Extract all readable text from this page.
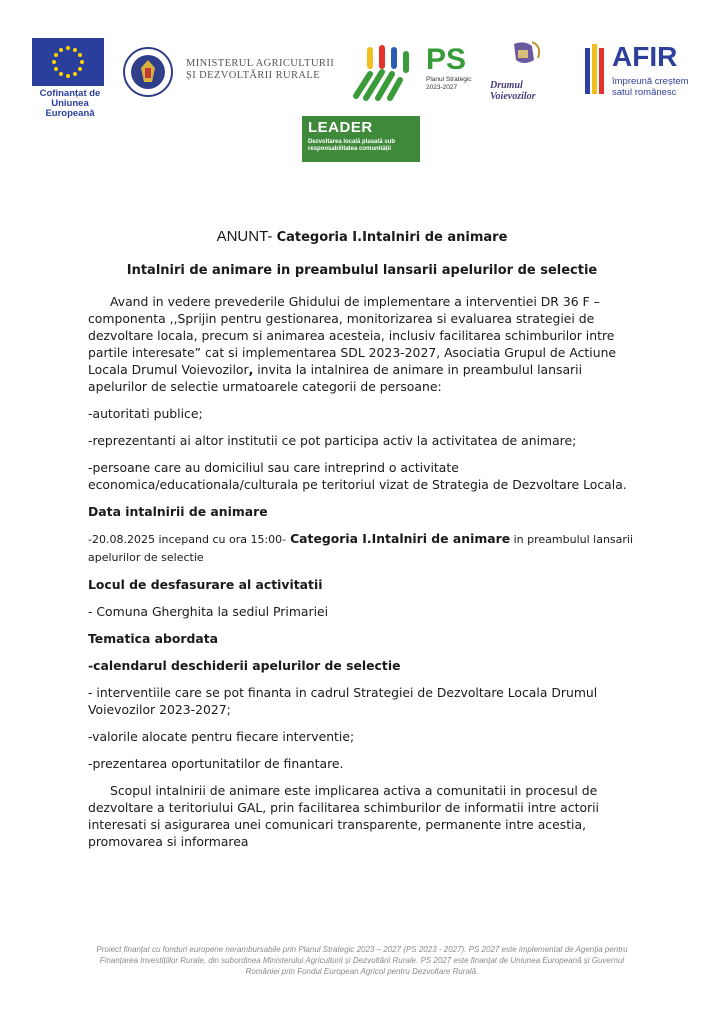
Cofinanțat de
Uniunea Europeană
MINISTERUL AGRICULTURII
ȘI DEZVOLTĂRII RURALE	PS
Planul Strategic
2023-2027	Drumul
Voievozilor
AFIR
împreună creștem
satul românesc
LEADER
Dezvoltarea locală plasată sub
responsabilitatea comunității
ANUNT- Categoria I.Intalniri de animare
Intalniri de animare in preambulul lansarii apelurilor de selectie

Avand in vedere prevederile Ghidului de implementare a interventiei DR 36 F – componenta ,,Sprijin pentru gestionarea, monitorizarea si evaluarea strategiei de dezvoltare locala, precum si animarea acesteia, inclusiv facilitarea schimburilor intre partile interesate” cat si implementarea SDL 2023-2027, Asociatia Grupul de Actiune Locala Drumul Voievozilor, invita la intalnirea de animare in preambulul lansarii apelurilor de selectie urmatoarele categorii de persoane:

-autoritati publice;

-reprezentanti ai altor institutii ce pot participa activ la activitatea de animare;

-persoane care au domiciliul sau care intreprind o activitate economica/educationala/culturala pe teritoriul vizat de Strategia de Dezvoltare Locala.

Data intalnirii de animare

-20.08.2025 incepand cu ora 15:00- Categoria I.Intalniri de animare in preambulul lansarii apelurilor de selectie

Locul de desfasurare al activitatii

- Comuna Gherghita la sediul Primariei

Tematica abordata

-calendarul deschiderii apelurilor de selectie

- interventiile care se pot finanta in cadrul Strategiei de Dezvoltare Locala Drumul Voievozilor 2023-2027;

-valorile alocate pentru fiecare interventie;

-prezentarea oportunitatilor de finantare.

Scopul intalnirii de animare este implicarea activa a comunitatii in procesul de dezvoltare a teritoriului GAL, prin facilitarea schimburilor de informatii intre actorii interesati si asigurarea unei comunicari transparente, permanente intre acestia, promovarea si informarea

Proiect finanțat cu fonduri europene nerambursabile prin Planul Strategic 2023 – 2027 (PS 2023 - 2027). PS 2027 este implementat de Agenția pentru Finanțarea Investițiilor Rurale, din subordinea Ministerului Agriculturii și Dezvoltării Rurale. PS 2027 este finanțat de Uniunea Europeană și Guvernul României prin Fondul European Agricol pentru Dezvoltare Rurală.
